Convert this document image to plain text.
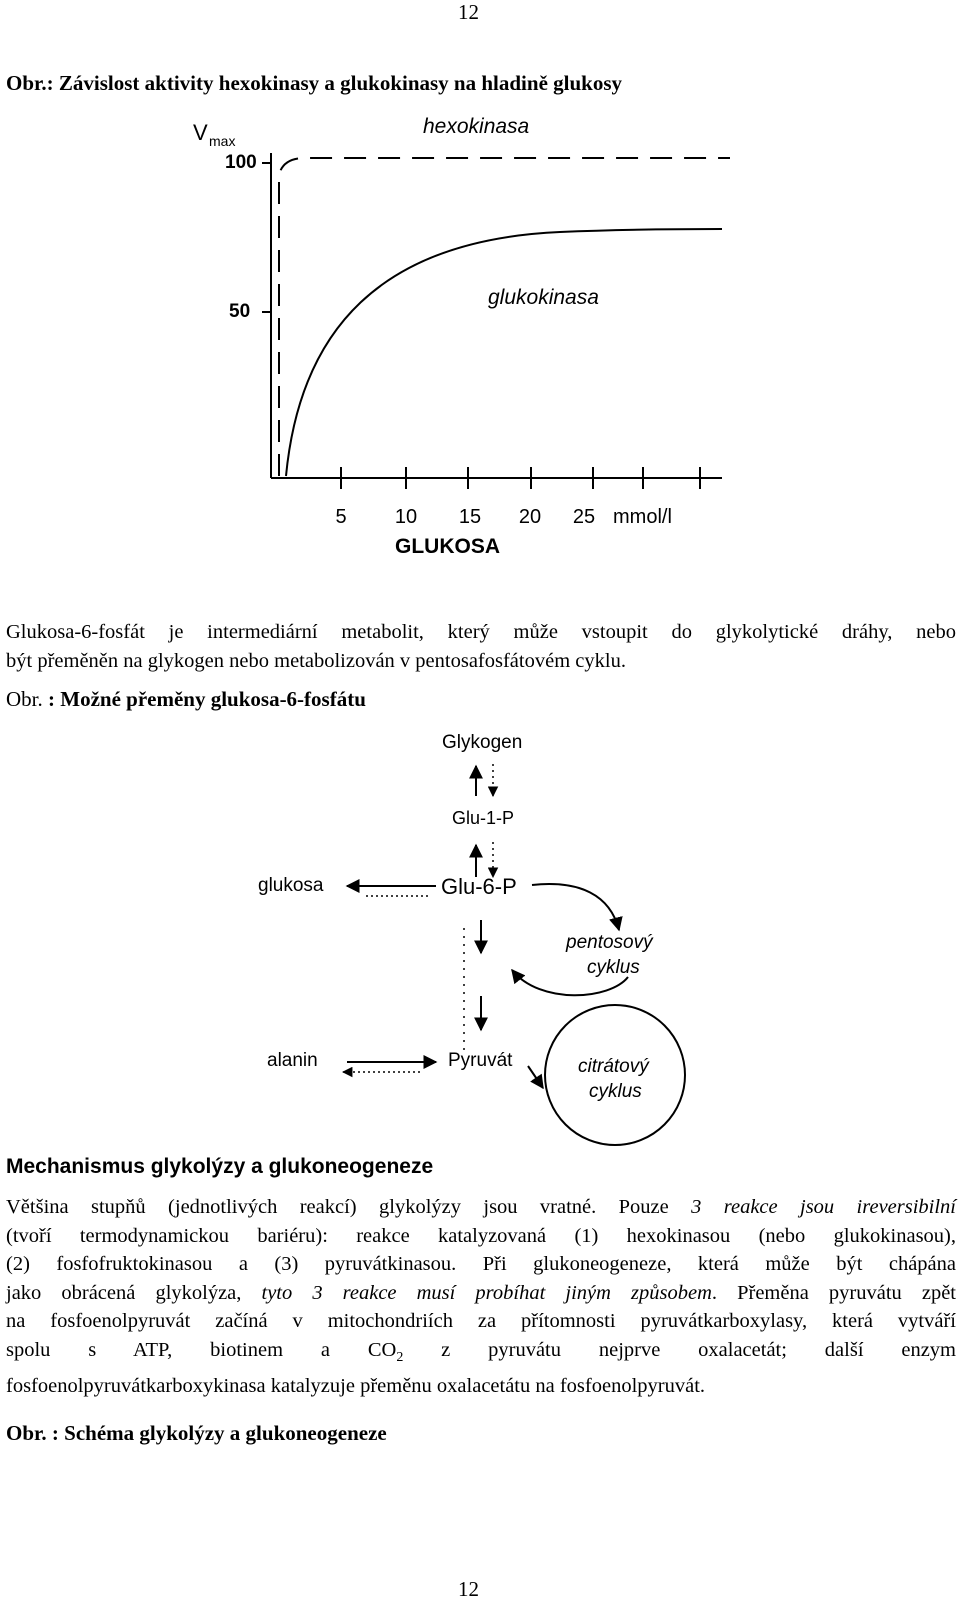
12
Obr.: Závislost aktivity hexokinasy a glukokinasy na hladině glukosy
V max
hexokinasa
100
50
glukokinasa
5 10 15 20 25 mmol/l
GLUKOSA
Glukosa-6-fosfát je intermediární metabolit, který může vstoupit do glykolytické dráhy, nebo
být přeměněn na glykogen nebo metabolizován v pentosafosfátovém cyklu.
Obr. : Možné přeměny glukosa-6-fosfátu
Glykogen
Glu-1-P
glukosa	Glu-6-P
pentosový
cyklus
alanin	Pyruvát	citrátový
cyklus
Mechanismus glykolýzy a glukoneogeneze
Většina stupňů (jednotlivých reakcí) glykolýzy jsou vratné. Pouze 3 reakce jsou ireversibilní
(tvoří termodynamickou bariéru): reakce katalyzovaná (1) hexokinasou (nebo glukokinasou),
(2) fosfofruktokinasou a (3) pyruvátkinasou. Při glukoneogeneze, která může být chápána
jako obrácená glykolýza, tyto 3 reakce musí probíhat jiným způsobem. Přeměna pyruvátu zpět
na fosfoenolpyruvát začíná v mitochondriích za přítomnosti pyruvátkarboxylasy, která vytváří
spolu s ATP, biotinem a $CO_2$ z pyruvátu nejprve oxalacetát; další enzym
fosfoenolpyruvátkarboxykinasa katalyzuje přeměnu oxalacetátu na fosfoenolpyruvát.
Obr. : Schéma glykolýzy a glukoneogeneze
12
